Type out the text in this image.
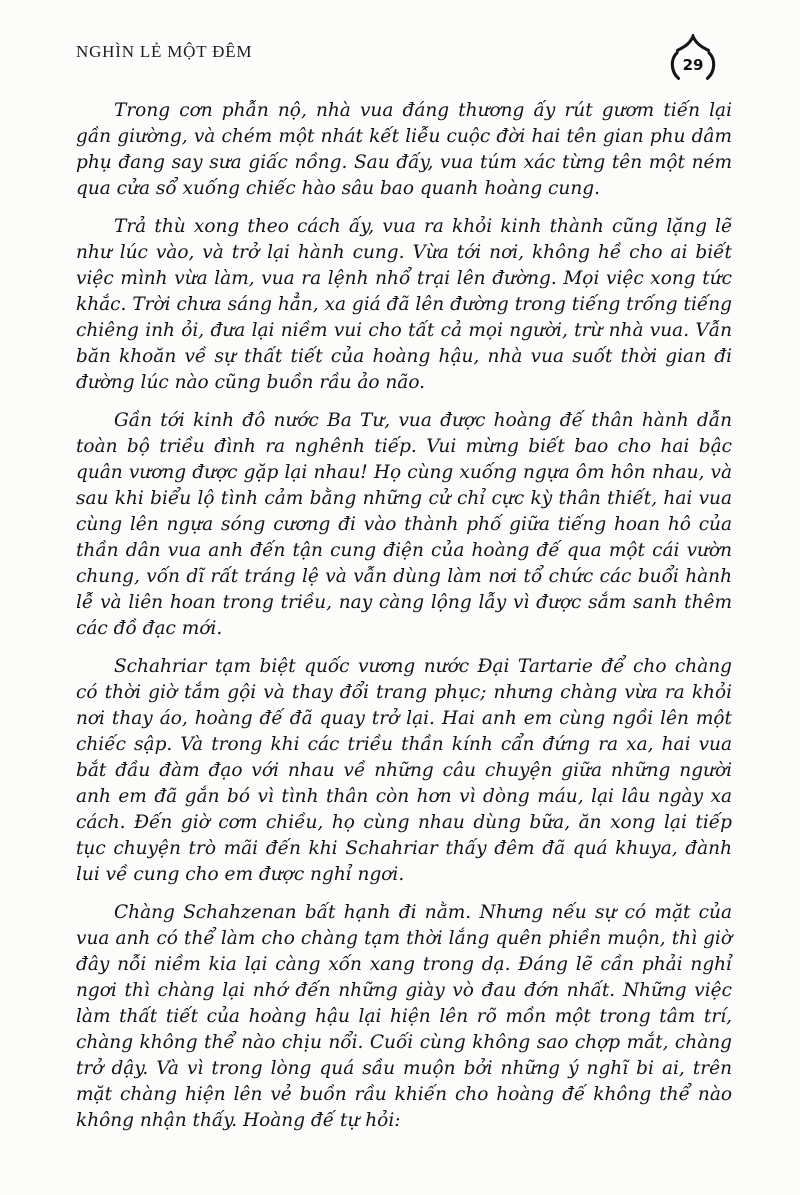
NGHÌN LẺ MỘT ĐÊM
29

Trong cơn phẫn nộ, nhà vua đáng thương ấy rút gươm tiến lại gần giường, và chém một nhát kết liễu cuộc đời hai tên gian phu dâm phụ đang say sưa giấc nồng. Sau đấy, vua túm xác từng tên một ném qua cửa sổ xuống chiếc hào sâu bao quanh hoàng cung.

Trả thù xong theo cách ấy, vua ra khỏi kinh thành cũng lặng lẽ như lúc vào, và trở lại hành cung. Vừa tới nơi, không hề cho ai biết việc mình vừa làm, vua ra lệnh nhổ trại lên đường. Mọi việc xong tức khắc. Trời chưa sáng hẳn, xa giá đã lên đường trong tiếng trống tiếng chiêng inh ỏi, đưa lại niềm vui cho tất cả mọi người, trừ nhà vua. Vẫn băn khoăn về sự thất tiết của hoàng hậu, nhà vua suốt thời gian đi đường lúc nào cũng buồn rầu ảo não.

Gần tới kinh đô nước Ba Tư, vua được hoàng đế thân hành dẫn toàn bộ triều đình ra nghênh tiếp. Vui mừng biết bao cho hai bậc quân vương được gặp lại nhau! Họ cùng xuống ngựa ôm hôn nhau, và sau khi biểu lộ tình cảm bằng những cử chỉ cực kỳ thân thiết, hai vua cùng lên ngựa sóng cương đi vào thành phố giữa tiếng hoan hô của thần dân vua anh đến tận cung điện của hoàng đế qua một cái vườn chung, vốn dĩ rất tráng lệ và vẫn dùng làm nơi tổ chức các buổi hành lễ và liên hoan trong triều, nay càng lộng lẫy vì được sắm sanh thêm các đồ đạc mới.

Schahriar tạm biệt quốc vương nước Đại Tartarie để cho chàng có thời giờ tắm gội và thay đổi trang phục; nhưng chàng vừa ra khỏi nơi thay áo, hoàng đế đã quay trở lại. Hai anh em cùng ngồi lên một chiếc sập. Và trong khi các triều thần kính cẩn đứng ra xa, hai vua bắt đầu đàm đạo với nhau về những câu chuyện giữa những người anh em đã gắn bó vì tình thân còn hơn vì dòng máu, lại lâu ngày xa cách. Đến giờ cơm chiều, họ cùng nhau dùng bữa, ăn xong lại tiếp tục chuyện trò mãi đến khi Schahriar thấy đêm đã quá khuya, đành lui về cung cho em được nghỉ ngơi.

Chàng Schahzenan bất hạnh đi nằm. Nhưng nếu sự có mặt của vua anh có thể làm cho chàng tạm thời lắng quên phiền muộn, thì giờ đây nỗi niềm kia lại càng xốn xang trong dạ. Đáng lẽ cần phải nghỉ ngơi thì chàng lại nhớ đến những giày vò đau đớn nhất. Những việc làm thất tiết của hoàng hậu lại hiện lên rõ mồn một trong tâm trí, chàng không thể nào chịu nổi. Cuối cùng không sao chợp mắt, chàng trở dậy. Và vì trong lòng quá sầu muộn bởi những ý nghĩ bi ai, trên mặt chàng hiện lên vẻ buồn rầu khiến cho hoàng đế không thể nào không nhận thấy. Hoàng đế tự hỏi:
